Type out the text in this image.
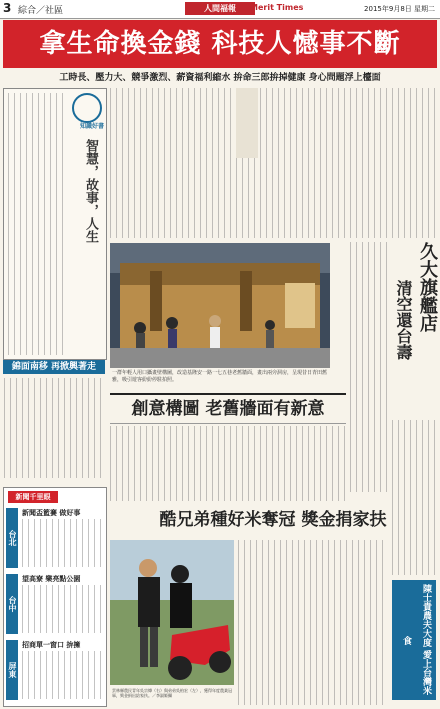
3 綜合／社區	人間福報	Merit Times	2015年9月8日 星期二
拿生命換金錢 科技人憾事不斷
工時長、壓力大、競爭激烈、薪資福利縮水 拚命三郎拚掉健康 身心問題浮上檯面
知識好書
智慧，故事，人生
錦面南移 再掀興著走
新聞千里眼
台北
新聞盃籃賽 做好事
台中
望高寮 樂亮點公園
屏東
招商單一窗口 拚擁
一群年輕人用口攝畫壁構圖，改造基隆安一路一七五巷老舊牆面，畫出兩旁洞房，呈現昔日青田舊雅，吸引遊客紛紛停駐拍照。
創意構圖 老舊牆面有新意
久大旗艦店
清空還台壽
酷兄弟種好米奪冠 獎金捐家扶
雲林縣農民青年吳宗燁（右）與弟弟吳柏宏（左），獲得年度農業冠軍，獎金捐出給家扶。／李淑姬攝	陳士貴農夫大度 愛上台灣米食
